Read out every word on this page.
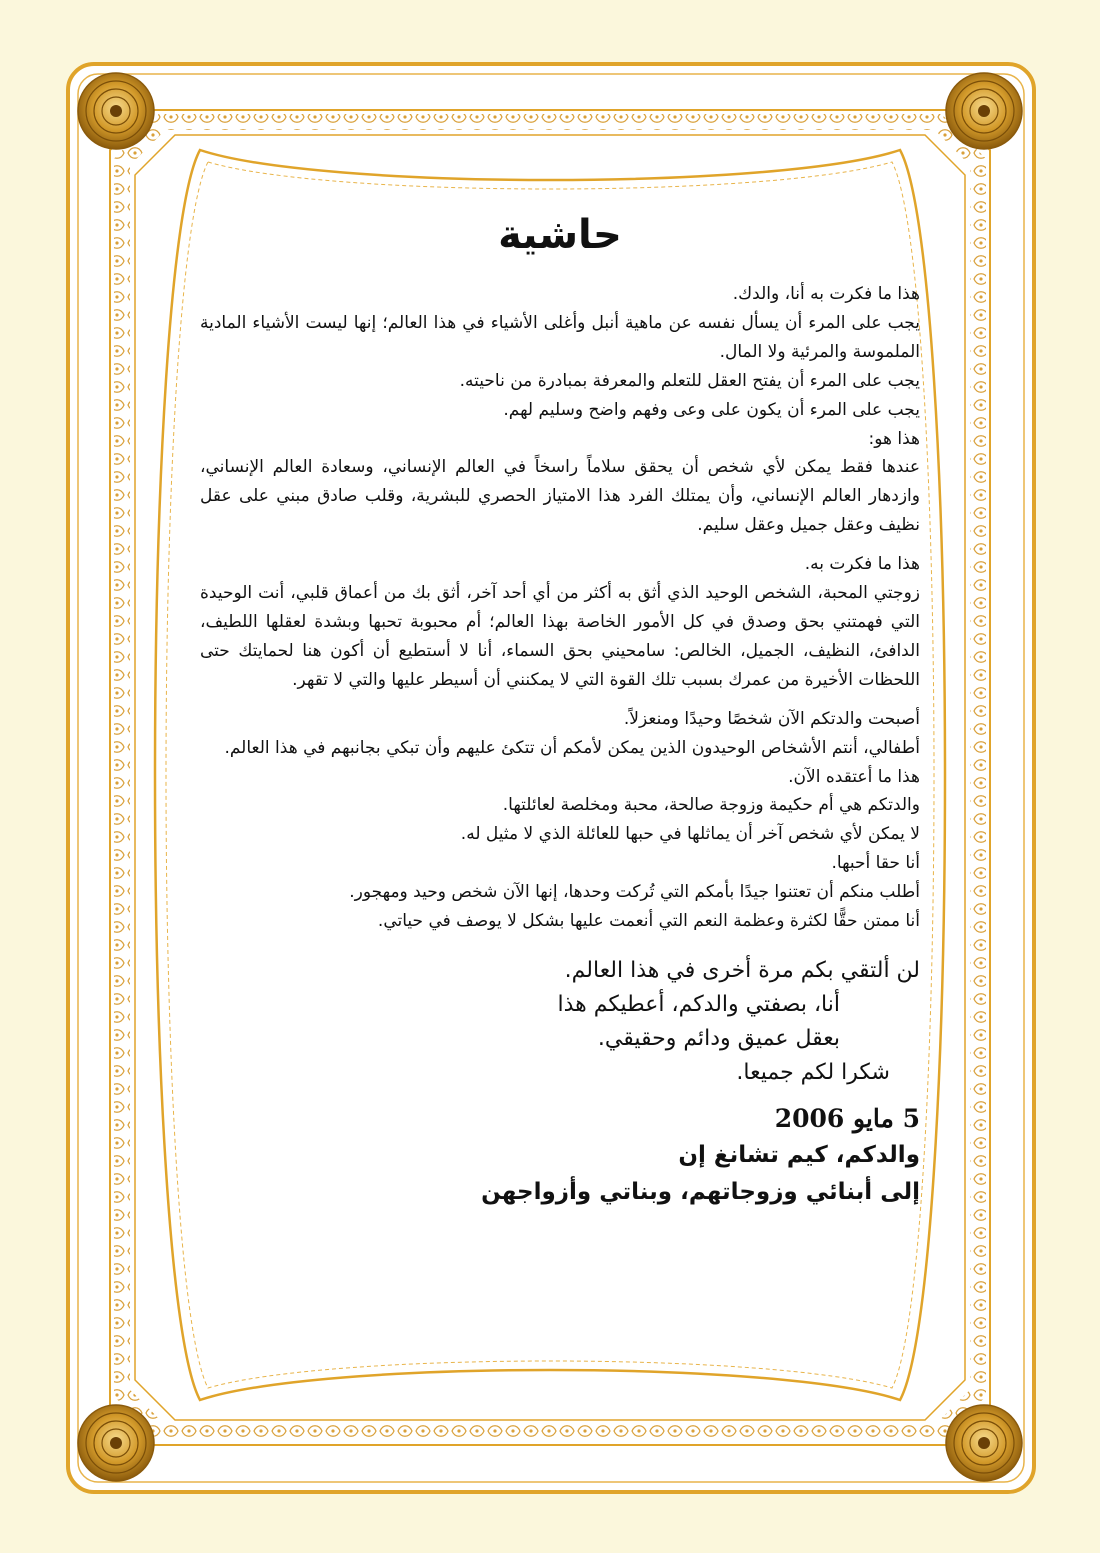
حاشية

هذا ما فكرت به أنا، والدك.

يجب على المرء أن يسأل نفسه عن ماهية أنبل وأغلى الأشياء في هذا العالم؛ إنها ليست الأشياء المادية الملموسة والمرئية ولا المال.

يجب على المرء أن يفتح العقل للتعلم والمعرفة بمبادرة من ناحيته.

يجب على المرء أن يكون على وعى وفهم واضح وسليم لهم.

هذا هو:

عندها فقط يمكن لأي شخص أن يحقق سلاماً راسخاً في العالم الإنساني، وسعادة العالم الإنساني، وازدهار العالم الإنساني، وأن يمتلك الفرد هذا الامتياز الحصري للبشرية، وقلب صادق مبني على عقل نظيف وعقل جميل وعقل سليم.

هذا ما فكرت به.

زوجتي المحبة، الشخص الوحيد الذي أثق به أكثر من أي أحد آخر، أثق بك من أعماق قلبي، أنت الوحيدة التي فهمتني بحق وصدق في كل الأمور الخاصة بهذا العالم؛ أم محبوبة تحبها وبشدة لعقلها اللطيف، الدافئ، النظيف، الجميل، الخالص: سامحيني بحق السماء، أنا لا أستطيع أن أكون هنا لحمايتك حتى اللحظات الأخيرة من عمرك بسبب تلك القوة التي لا يمكنني أن أسيطر عليها والتي لا تقهر.

أصبحت والدتكم الآن شخصًا وحيدًا ومنعزلاً.

أطفالي، أنتم الأشخاص الوحيدون الذين يمكن لأمكم أن تتكئ عليهم وأن تبكي بجانبهم في هذا العالم.

هذا ما أعتقده الآن.

والدتكم هي أم حكيمة وزوجة صالحة، محبة ومخلصة لعائلتها.

لا يمكن لأي شخص آخر أن يماثلها في حبها للعائلة الذي لا مثيل له.

أنا حقا أحبها.

أطلب منكم أن تعتنوا جيدًا بأمكم التي تُركت وحدها، إنها الآن شخص وحيد ومهجور.

أنا ممتن حقًّا لكثرة وعظمة النعم التي أنعمت عليها بشكل لا يوصف في حياتي.

لن ألتقي بكم مرة أخرى في هذا العالم.
أنا، بصفتي والدكم، أعطيكم هذا
بعقل عميق ودائم وحقيقي.
شكرا لكم جميعا.
5 مايو 2006
والدكم، كيم تشانغ إن
إلى أبنائي وزوجاتهم، وبناتي وأزواجهن
